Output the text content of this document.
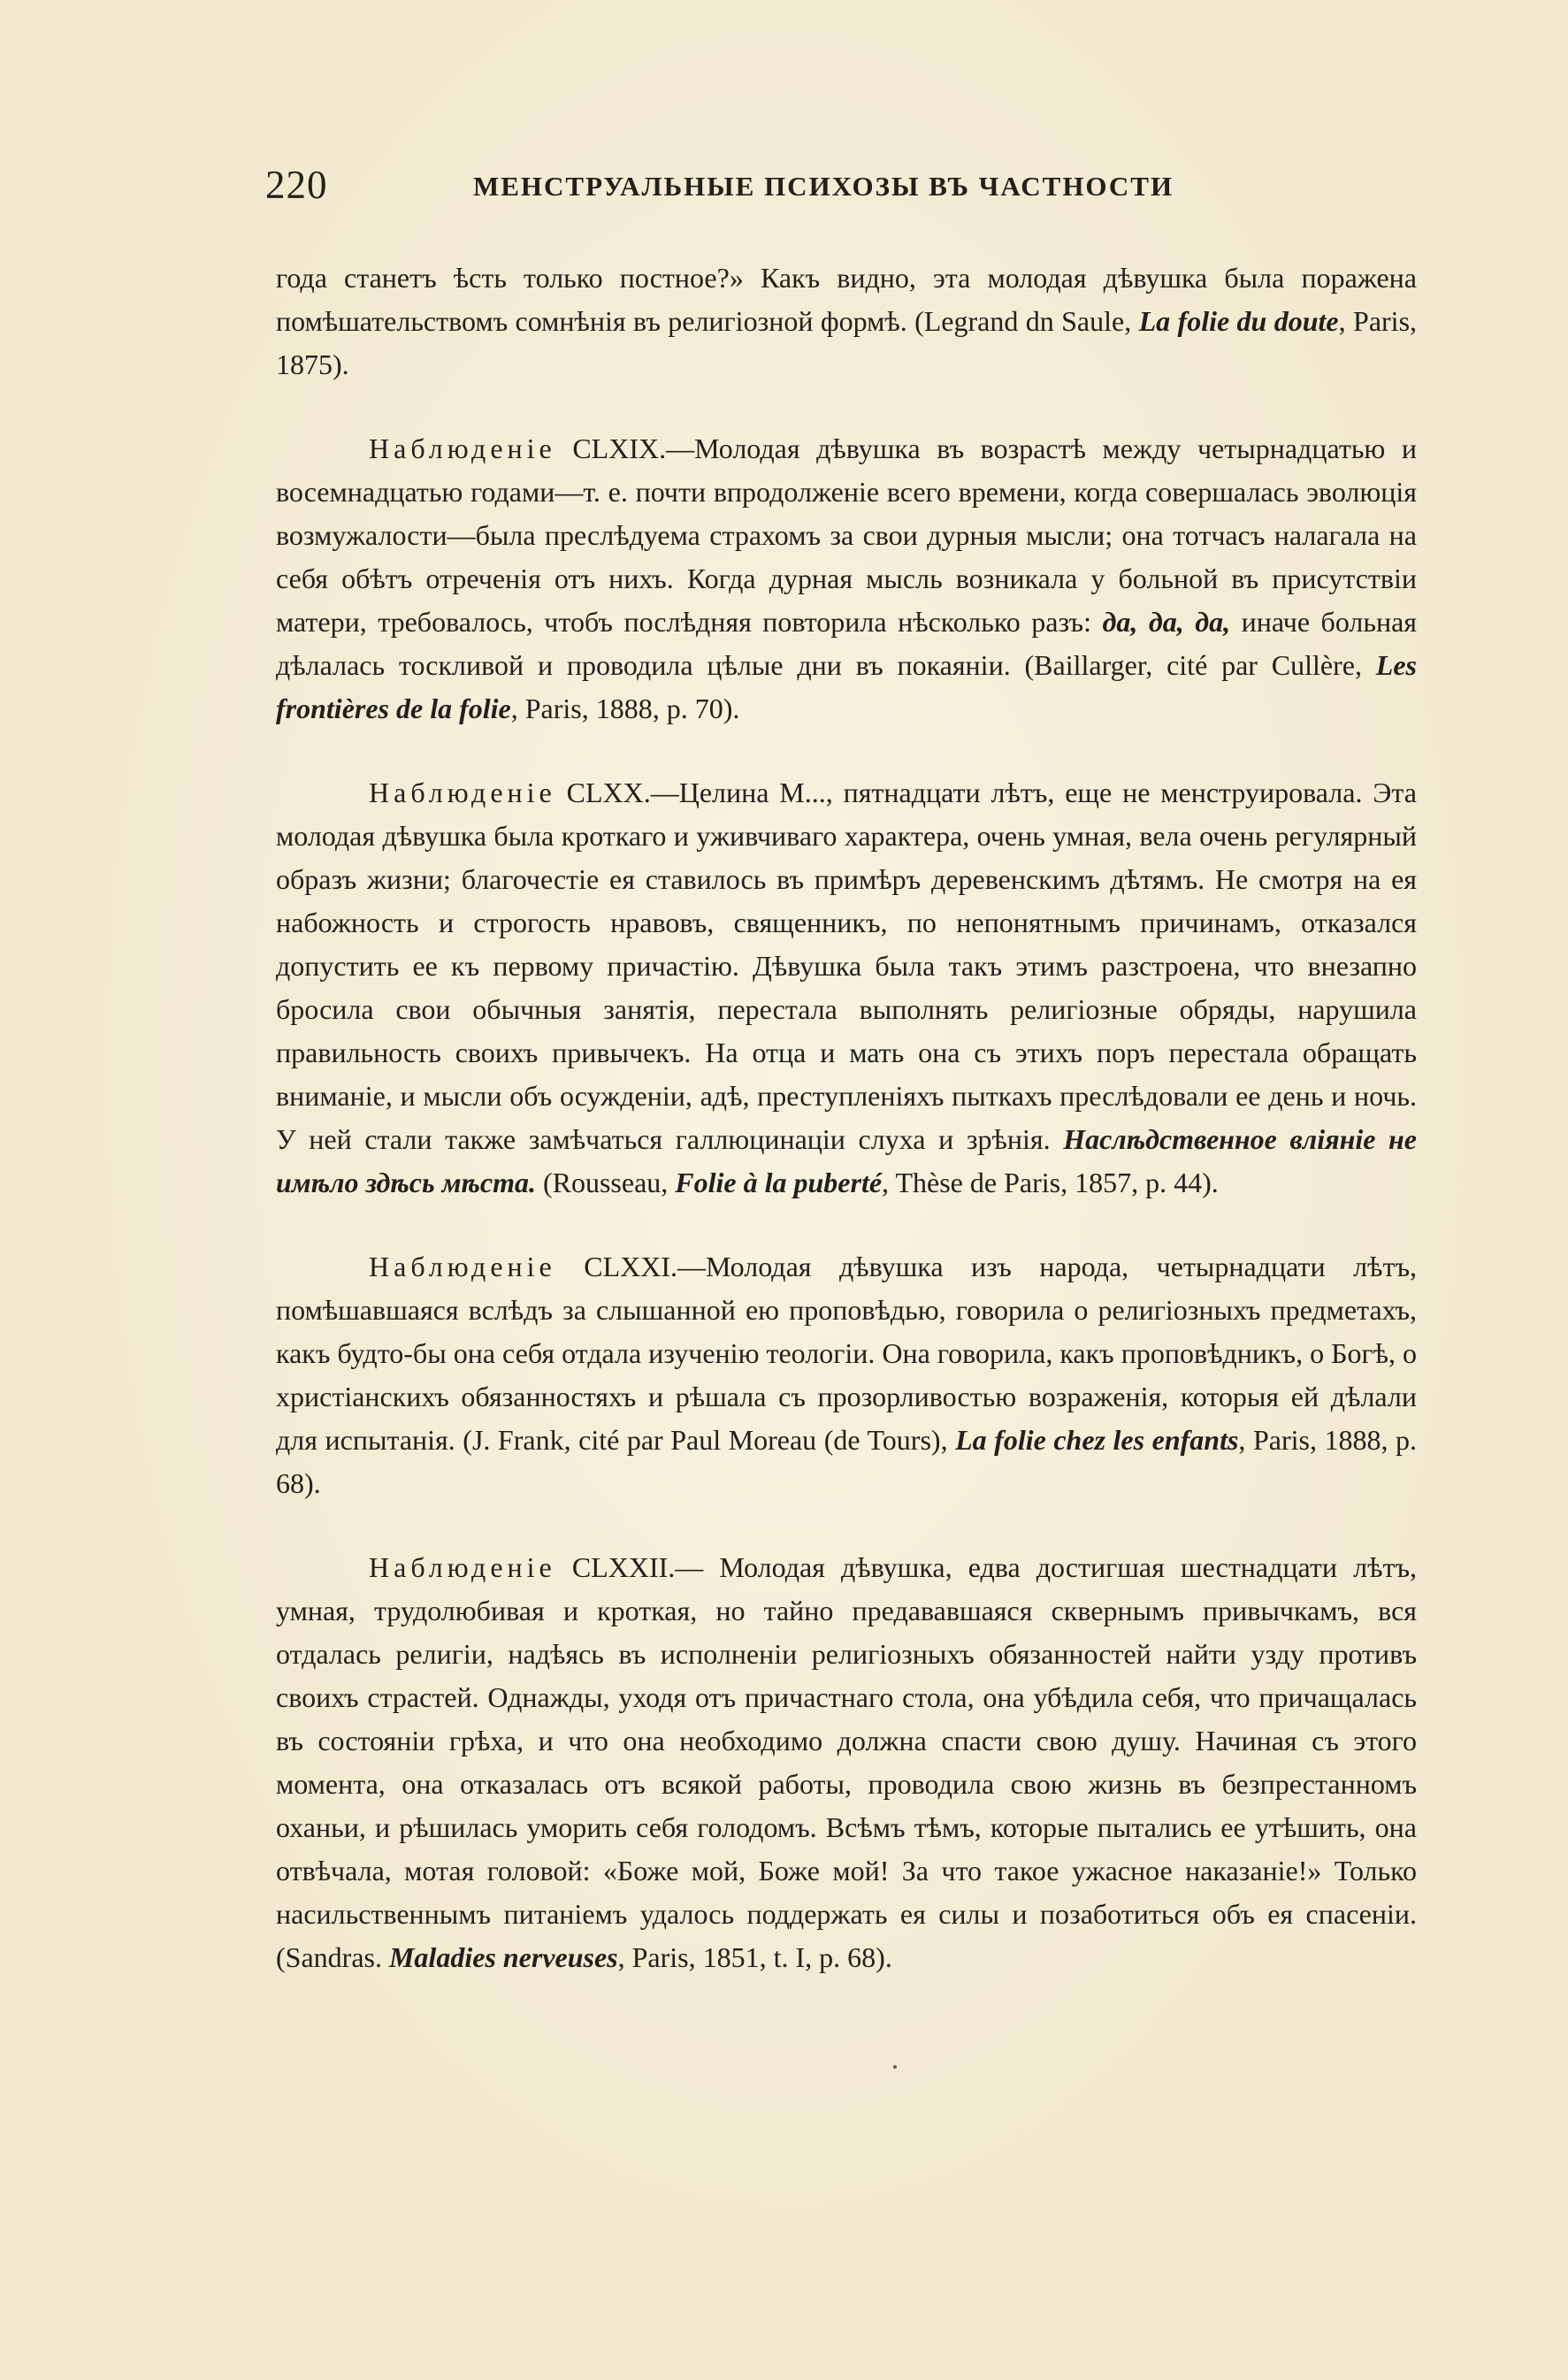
220	МЕНСТРУАЛЬНЫЕ ПСИХОЗЫ ВЪ ЧАСТНОСТИ

года станетъ ѣсть только постное?» Какъ видно, эта молодая дѣвушка была поражена помѣшательствомъ сомнѣнія въ религіозной формѣ. (Legrand dn Saule, La folie du doute, Paris, 1875).

Наблюденіе CLXIX.—Молодая дѣвушка въ возрастѣ между четырнадцатью и восемнадцатью годами—т. е. почти впродолженіе всего времени, когда совершалась эволюція возмужалости—была преслѣдуема страхомъ за свои дурныя мысли; она тотчасъ налагала на себя обѣтъ отреченія отъ нихъ. Когда дурная мысль возникала у больной въ присутствіи матери, требовалось, чтобъ послѣдняя повторила нѣсколько разъ: да, да, да, иначе больная дѣлалась тоскливой и проводила цѣлые дни въ покаяніи. (Baillarger, cité par Cullère, Les frontières de la folie, Paris, 1888, p. 70).

Наблюденіе CLXX.—Целина М..., пятнадцати лѣтъ, еще не менструировала. Эта молодая дѣвушка была кроткаго и уживчиваго характера, очень умная, вела очень регулярный образъ жизни; благочестіе ея ставилось въ примѣръ деревенскимъ дѣтямъ. Не смотря на ея набожность и строгость нравовъ, священникъ, по непонятнымъ причинамъ, отказался допустить ее къ первому причастію. Дѣвушка была такъ этимъ разстроена, что внезапно бросила свои обычныя занятія, перестала выполнять религіозные обряды, нарушила правильность своихъ привычекъ. На отца и мать она съ этихъ поръ перестала обращать вниманіе, и мысли объ осужденіи, адѣ, преступленіяхъ пыткахъ преслѣдовали ее день и ночь. У ней стали также замѣчаться галлюцинаціи слуха и зрѣнія. Наслѣдственное вліяніе не имѣло здѣсь мѣста. (Rousseau, Folie à la puberté, Thèse de Paris, 1857, p. 44).

Наблюденіе CLXXI.—Молодая дѣвушка изъ народа, четырнадцати лѣтъ, помѣшавшаяся вслѣдъ за слышанной ею проповѣдью, говорила о религіозныхъ предметахъ, какъ будто-бы она себя отдала изученію теологіи. Она говорила, какъ проповѣдникъ, о Богѣ, о христіанскихъ обязанностяхъ и рѣшала съ прозорливостью возраженія, которыя ей дѣлали для испытанія. (J. Frank, cité par Paul Moreau (de Tours), La folie chez les enfants, Paris, 1888, p. 68).

Наблюденіе CLXXII.— Молодая дѣвушка, едва достигшая шестнадцати лѣтъ, умная, трудолюбивая и кроткая, но тайно предававшаяся сквернымъ привычкамъ, вся отдалась религіи, надѣясь въ исполненіи религіозныхъ обязанностей найти узду противъ своихъ страстей. Однажды, уходя отъ причастнаго стола, она убѣдила себя, что причащалась въ состояніи грѣха, и что она необходимо должна спасти свою душу. Начиная съ этого момента, она отказалась отъ всякой работы, проводила свою жизнь въ безпрестанномъ оханьи, и рѣшилась уморить себя голодомъ. Всѣмъ тѣмъ, которые пытались ее утѣшить, она отвѣчала, мотая головой: «Боже мой, Боже мой! За что такое ужасное наказаніе!» Только насильственнымъ питаніемъ удалось поддержать ея силы и позаботиться объ ея спасеніи. (Sandras. Maladies nerveuses, Paris, 1851, t. I, p. 68).
